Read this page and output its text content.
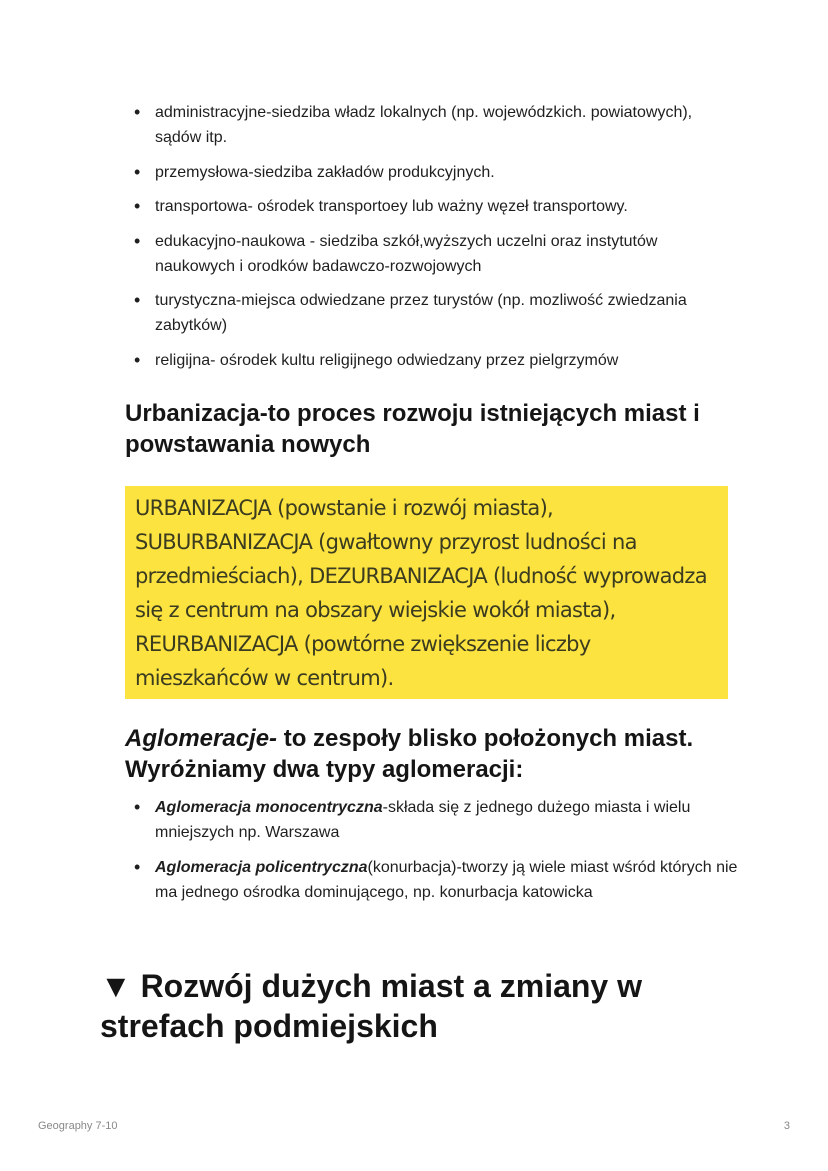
• administracyjne-siedziba władz lokalnych (np. wojewódzkich. powiatowych), sądów itp.
• przemysłowa-siedziba zakładów produkcyjnych.
• transportowa- ośrodek transportoey lub ważny węzeł transportowy.
• edukacyjno-naukowa - siedziba szkół,wyższych uczelni oraz instytutów naukowych i orodków badawczo-rozwojowych
• turystyczna-miejsca odwiedzane przez turystów (np. mozliwość zwiedzania zabytków)
• religijna- ośrodek kultu religijnego odwiedzany przez pielgrzymów
Urbanizacja-to proces rozwoju istniejących miast i powstawania nowych
URBANIZACJA (powstanie i rozwój miasta), SUBURBANIZACJA (gwałtowny przyrost ludności na przedmieściach), DEZURBANIZACJA (ludność wyprowadza się z centrum na obszary wiejskie wokół miasta), REURBANIZACJA (powtórne zwiększenie liczby mieszkańców w centrum).
Aglomeracje- to zespoły blisko położonych miast. Wyróżniamy dwa typy aglomeracji:
• Aglomeracja monocentryczna-składa się z jednego dużego miasta i wielu mniejszych np. Warszawa
• Aglomeracja policentryczna(konurbacja)-tworzy ją wiele miast wśród których nie ma jednego ośrodka dominującego, np. konurbacja katowicka
▼ Rozwój dużych miast a zmiany w strefach podmiejskich
Geography 7-10	3
